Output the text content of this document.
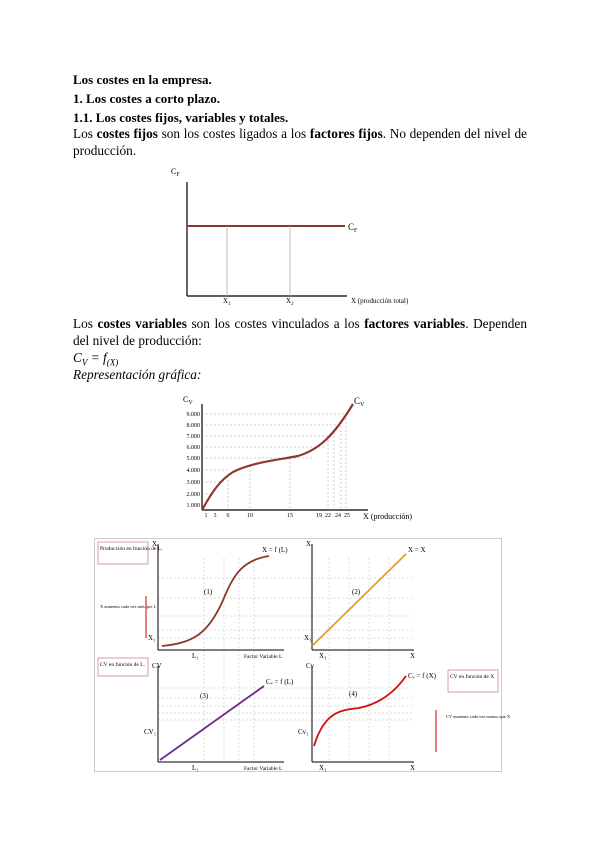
Los costes en la empresa.
1. Los costes a corto plazo.
1.1. Los costes fijos, variables y totales.
Los costes fijos son los costes ligados a los factores fijos. No dependen del nivel de producción.
$C_F$
$C_F$
$X_1$	$X_2$	X (producción total)
Los costes variables son los costes vinculados a los factores variables. Dependen del nivel de producción:
$C_V = f_{(X)}$
Representación gráfica:
$C_V$
9.000
8.000
7.000
6.000
5.000
4.000
3.000
2.000
1.000
1 3 6	10	15	19 22 24 25
$C_V$
X (producción)
Producción en función de L.
CV en función de L.
CV en función de X
X aumenta cada vez más que L
CV aumenta cada vez menos que X
X = f (L)
(1)
X
Factor Variable L
X₁
L₁
X = X
(2)
X
X
X₁
X₁
Cᵥ = f (L)
(3)
CV
Factor Variable L
CV₁
L₁
Cᵥ = f (X)
(4)
Cv
X
Cv₁
X₁
